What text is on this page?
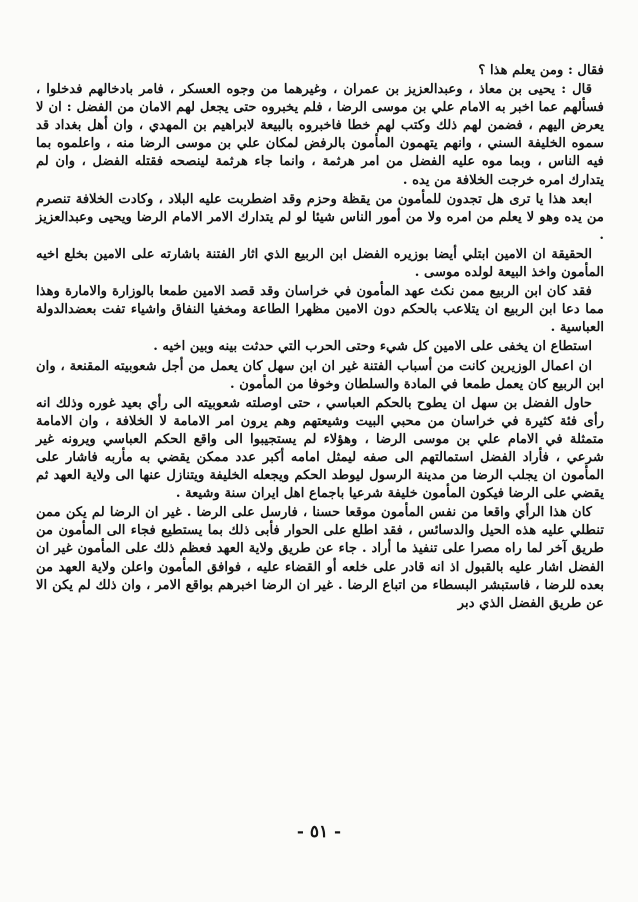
فقال : ومن يعلم هذا ؟

قال : يحيى بن معاذ ، وعبدالعزيز بن عمران ، وغيرهما من وجوه العسكر ، فامر بادخالهم فدخلوا ، فسألهم عما اخبر به الامام علي بن موسى الرضا ، فلم يخبروه حتى يجعل لهم الامان من الفضل : ان لا يعرض اليهم ، فضمن لهم ذلك وكتب لهم خطا فاخبروه بالبيعة لابراهيم بن المهدي ، وان أهل بغداد قد سموه الخليفة السني ، وانهم يتهمون المأمون بالرفض لمكان علي بن موسى الرضا منه ، واعلموه بما فيه الناس ، وبما موه عليه الفضل من امر هرثمة ، وانما جاء هرثمة لينصحه فقتله الفضل ، وان لم يتدارك امره خرجت الخلافة من يده .

ابعد هذا يا ترى هل تجدون للمأمون من يقظة وحزم وقد اضطربت عليه البلاد ، وكادت الخلافة تنصرم من يده وهو لا يعلم من امره ولا من أمور الناس شيئا لو لم يتدارك الامر الامام الرضا ويحيى وعبدالعزيز .

الحقيقة ان الامين ابتلي أيضا بوزيره الفضل ابن الربيع الذي اثار الفتنة باشارته على الامين بخلع اخيه المأمون واخذ البيعة لولده موسى .

فقد كان ابن الربيع ممن نكث عهد المأمون في خراسان وقد قصد الامين طمعا بالوزارة والامارة وهذا مما دعا ابن الربيع ان يتلاعب بالحكم دون الامين مظهرا الطاعة ومخفيا النفاق واشياء تفت بعضدالدولة العباسية .

استطاع ان يخفى على الامين كل شيء وحتى الحرب التي حدثت بينه وبين اخيه .

ان اعمال الوزيرين كانت من أسباب الفتنة غير ان ابن سهل كان يعمل من أجل شعوبيته المقنعة ، وان ابن الربيع كان يعمل طمعا في المادة والسلطان وخوفا من المأمون .

حاول الفضل بن سهل ان يطوح بالحكم العباسي ، حتى اوصلته شعوبيته الى رأي بعيد غوره وذلك انه رأى فئة كثيرة في خراسان من محبي البيت وشيعتهم وهم يرون امر الامامة لا الخلافة ، وان الامامة متمثلة في الامام علي بن موسى الرضا ، وهؤلاء لم يستجيبوا الى واقع الحكم العباسي ويرونه غير شرعي ، فأراد الفضل استمالتهم الى صفه ليمثل امامه أكبر عدد ممكن يقضي به مأربه فاشار على المأمون ان يجلب الرضا من مدينة الرسول ليوطد الحكم ويجعله الخليفة ويتنازل عنها الى ولاية العهد ثم يقضي على الرضا فيكون المأمون خليفة شرعيا باجماع اهل ايران سنة وشيعة .

كان هذا الرأي واقعا من نفس المأمون موقعا حسنا ، فارسل على الرضا . غير ان الرضا لم يكن ممن تنطلي عليه هذه الحيل والدسائس ، فقد اطلع على الحوار فأبى ذلك بما يستطيع فجاء الى المأمون من طريق آخر لما راه مصرا على تنفيذ ما أراد . جاء عن طريق ولاية العهد فعظم ذلك على المأمون غير ان الفضل اشار عليه بالقبول اذ انه قادر على خلعه أو القضاء عليه ، فوافق المأمون واعلن ولاية العهد من بعده للرضا ، فاستبشر البسطاء من اتباع الرضا . غير ان الرضا اخبرهم بواقع الامر ، وان ذلك لم يكن الا عن طريق الفضل الذي دبر

- ٥١ -
